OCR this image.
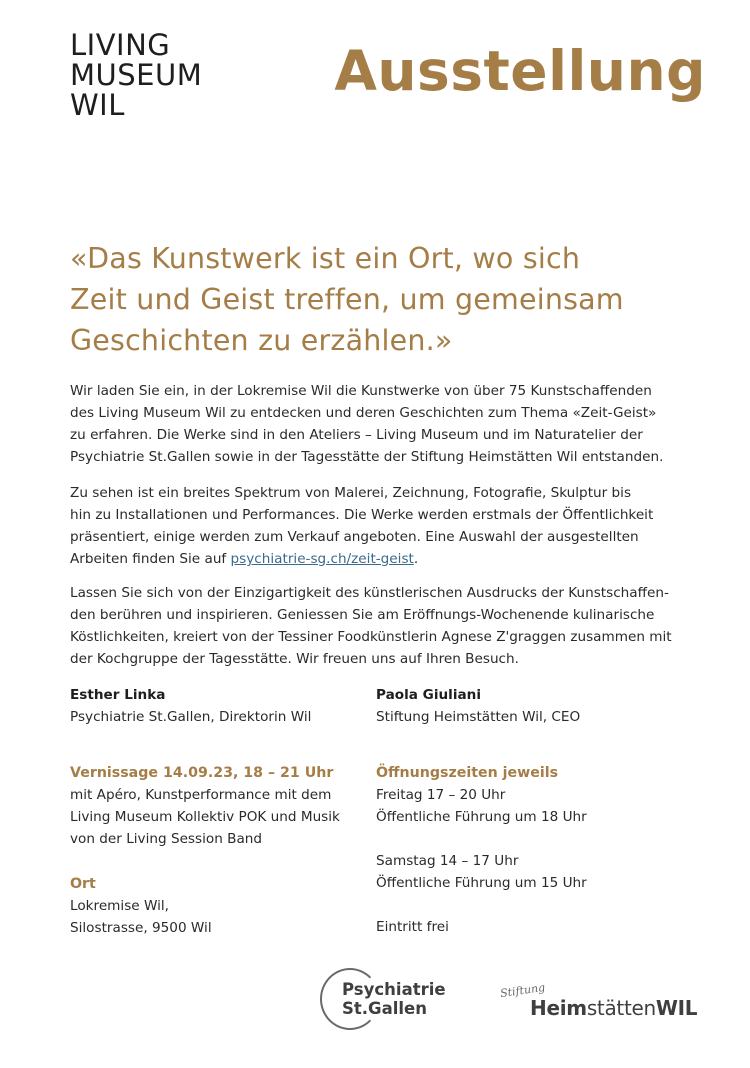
LIVING
MUSEUM
WIL
Ausstellung
«Das Kunstwerk ist ein Ort, wo sich
Zeit und Geist treffen, um gemeinsam
Geschichten zu erzählen.»
Wir laden Sie ein, in der Lokremise Wil die Kunstwerke von über 75 Kunstschaffenden
des Living Museum Wil zu entdecken und deren Geschichten zum Thema «Zeit-Geist»
zu erfahren. Die Werke sind in den Ateliers – Living Museum und im Naturatelier der
Psychiatrie St.Gallen sowie in der Tagesstätte der Stiftung Heimstätten Wil entstanden.
Zu sehen ist ein breites Spektrum von Malerei, Zeichnung, Fotografie, Skulptur bis
hin zu Installationen und Performances. Die Werke werden erstmals der Öffentlichkeit
präsentiert, einige werden zum Verkauf angeboten. Eine Auswahl der ausgestellten
Arbeiten finden Sie auf psychiatrie-sg.ch/zeit-geist.
Lassen Sie sich von der Einzigartigkeit des künstlerischen Ausdrucks der Kunstschaffen-
den berühren und inspirieren. Geniessen Sie am Eröffnungs-Wochenende kulinarische
Köstlichkeiten, kreiert von der Tessiner Foodkünstlerin Agnese Z'graggen zusammen mit
der Kochgruppe der Tagesstätte. Wir freuen uns auf Ihren Besuch.
Esther Linka
Psychiatrie St.Gallen, Direktorin Wil
Paola Giuliani
Stiftung Heimstätten Wil, CEO
Vernissage 14.09.23, 18 – 21 Uhr
mit Apéro, Kunstperformance mit dem
Living Museum Kollektiv POK und Musik
von der Living Session Band
Ort
Lokremise Wil,
Silostrasse, 9500 Wil
Öffnungszeiten jeweils
Freitag 17 – 20 Uhr
Öffentliche Führung um 18 Uhr
Samstag 14 – 17 Uhr
Öffentliche Führung um 15 Uhr
Eintritt frei
Psychiatrie
St.Gallen
Stiftung
HeimstättenWIL
